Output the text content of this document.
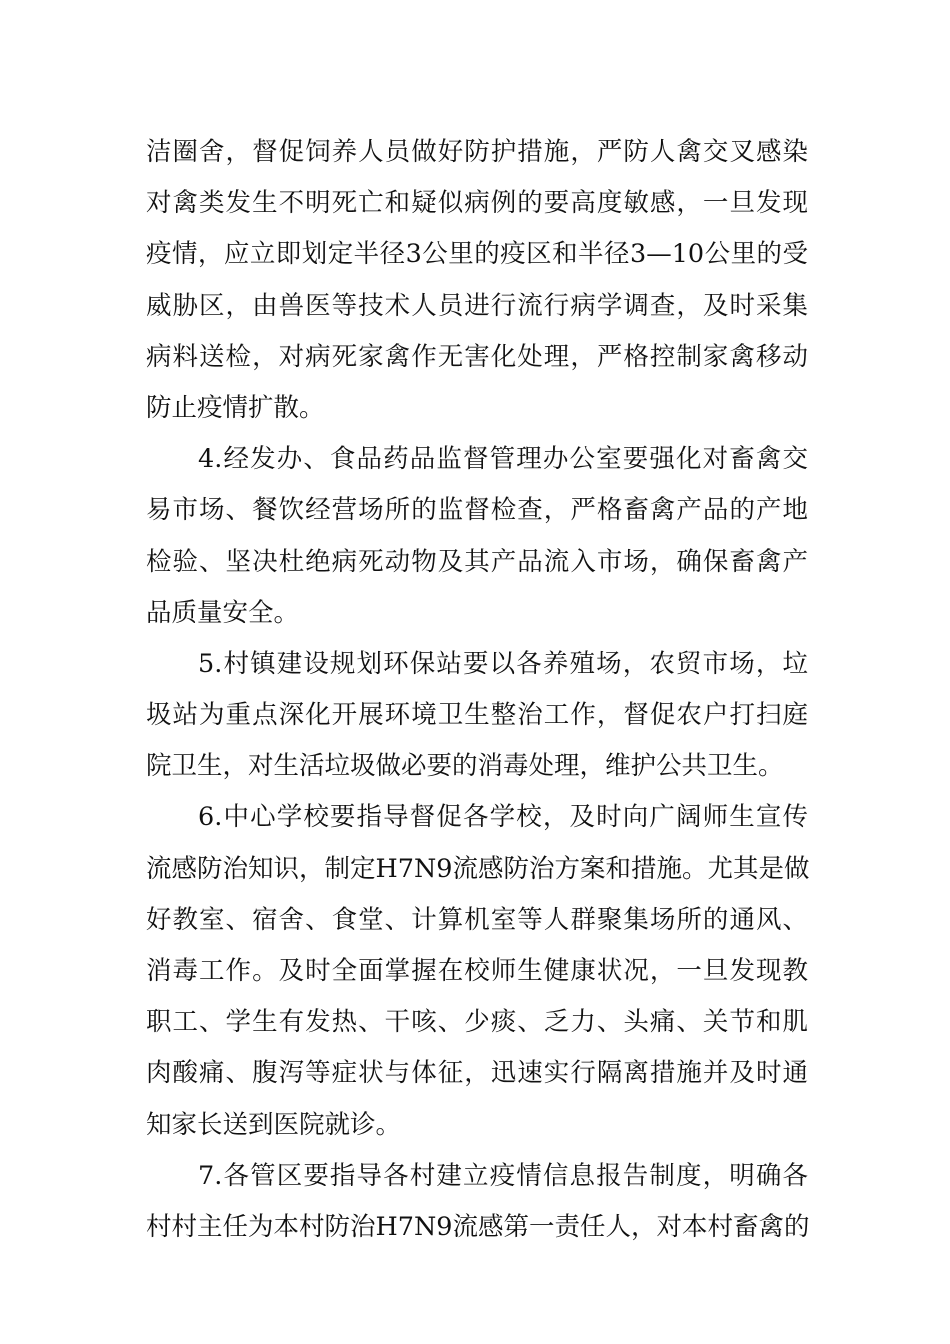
洁圈舍，督促饲养人员做好防护措施，严防人禽交叉感染
对禽类发生不明死亡和疑似病例的要高度敏感，一旦发现
疫情，应立即划定半径3公里的疫区和半径3—10公里的受
威胁区，由兽医等技术人员进行流行病学调查，及时采集
病料送检，对病死家禽作无害化处理，严格控制家禽移动
防止疫情扩散。
4.经发办、食品药品监督管理办公室要强化对畜禽交
易市场、餐饮经营场所的监督检查，严格畜禽产品的产地
检验、坚决杜绝病死动物及其产品流入市场，确保畜禽产
品质量安全。
5.村镇建设规划环保站要以各养殖场，农贸市场，垃
圾站为重点深化开展环境卫生整治工作，督促农户打扫庭
院卫生，对生活垃圾做必要的消毒处理，维护公共卫生。
6.中心学校要指导督促各学校，及时向广阔师生宣传
流感防治知识，制定H7N9流感防治方案和措施。尤其是做
好教室、宿舍、食堂、计算机室等人群聚集场所的通风、
消毒工作。及时全面掌握在校师生健康状况，一旦发现教
职工、学生有发热、干咳、少痰、乏力、头痛、关节和肌
肉酸痛、腹泻等症状与体征，迅速实行隔离措施并及时通
知家长送到医院就诊。
7.各管区要指导各村建立疫情信息报告制度，明确各
村村主任为本村防治H7N9流感第一责任人，对本村畜禽的
